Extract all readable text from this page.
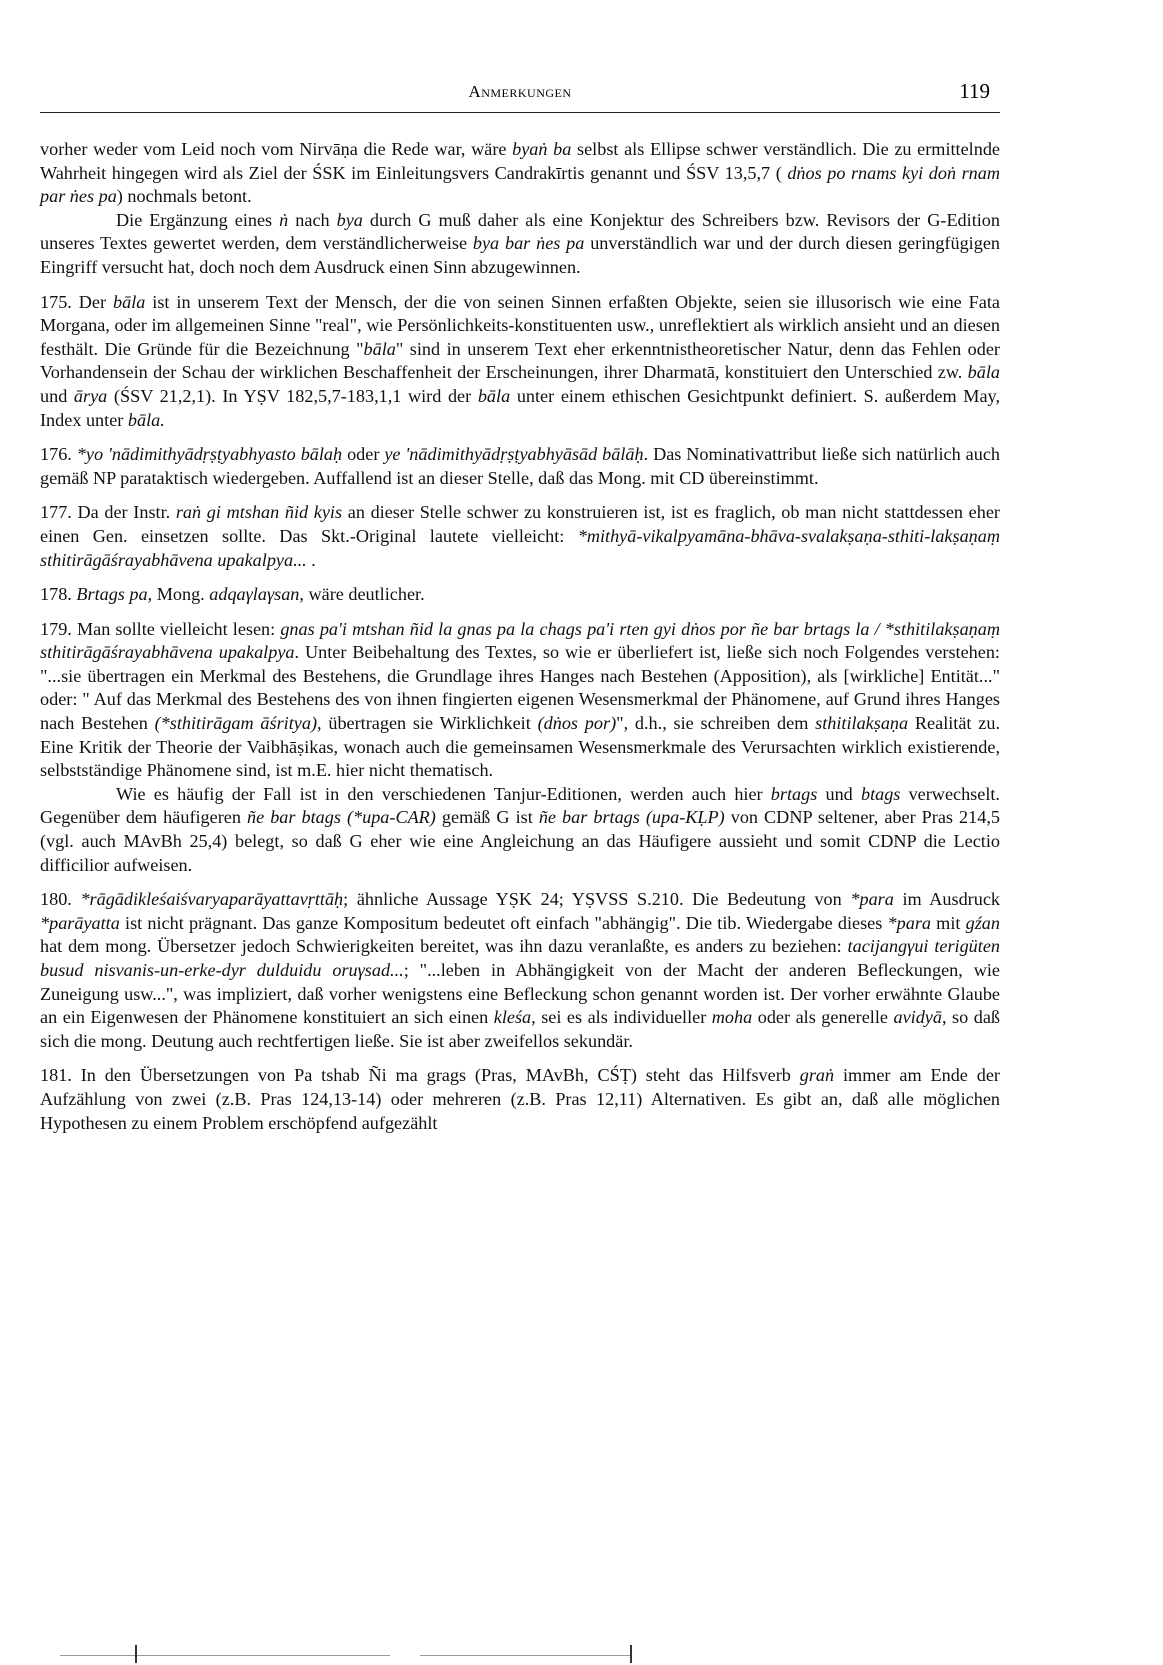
Anmerkungen	119

vorher weder vom Leid noch vom Nirvāṇa die Rede war, wäre byaṅ ba selbst als Ellipse schwer verständlich. Die zu ermittelnde Wahrheit hingegen wird als Ziel der ŚSK im Einleitungsvers Candrakīrtis genannt und ŚSV 13,5,7 ( dṅos po rnams kyi doṅ rnam par ṅes pa) nochmals betont.

Die Ergänzung eines ṅ nach bya durch G muß daher als eine Konjektur des Schreibers bzw. Revisors der G-Edition unseres Textes gewertet werden, dem verständlicherweise bya bar ṅes pa unverständlich war und der durch diesen geringfügigen Eingriff versucht hat, doch noch dem Ausdruck einen Sinn abzugewinnen.

175. Der bāla ist in unserem Text der Mensch, der die von seinen Sinnen erfaßten Objekte, seien sie illusorisch wie eine Fata Morgana, oder im allgemeinen Sinne "real", wie Persönlichkeits-konstituenten usw., unreflektiert als wirklich ansieht und an diesen festhält. Die Gründe für die Bezeichnung "bāla" sind in unserem Text eher erkenntnistheoretischer Natur, denn das Fehlen oder Vorhandensein der Schau der wirklichen Beschaffenheit der Erscheinungen, ihrer Dharmatā, konstituiert den Unterschied zw. bāla und ārya (ŚSV 21,2,1). In YṢV 182,5,7-183,1,1 wird der bāla unter einem ethischen Gesichtpunkt definiert. S. außerdem May, Index unter bāla.

176. *yo 'nādimithyādṛṣṭyabhyasto bālaḥ oder ye 'nādimithyādṛṣṭyabhyāsād bālāḥ. Das Nominativattribut ließe sich natürlich auch gemäß NP parataktisch wiedergeben. Auffallend ist an dieser Stelle, daß das Mong. mit CD übereinstimmt.

177. Da der Instr. raṅ gi mtshan ñid kyis an dieser Stelle schwer zu konstruieren ist, ist es fraglich, ob man nicht stattdessen eher einen Gen. einsetzen sollte. Das Skt.-Original lautete vielleicht: *mithyā-vikalpyamāna-bhāva-svalakṣaṇa-sthiti-lakṣaṇaṃ sthitirāgāśrayabhāvena upakalpya... .

178. Brtags pa, Mong. adqaγlaγsan, wäre deutlicher.

179. Man sollte vielleicht lesen: gnas pa'i mtshan ñid la gnas pa la chags pa'i rten gyi dṅos por ñe bar brtags la / *sthitilakṣaṇaṃ sthitirāgāśrayabhāvena upakalpya. Unter Beibehaltung des Textes, so wie er überliefert ist, ließe sich noch Folgendes verstehen: "...sie übertragen ein Merkmal des Bestehens, die Grundlage ihres Hanges nach Bestehen (Apposition), als [wirkliche] Entität..." oder: " Auf das Merkmal des Bestehens des von ihnen fingierten eigenen Wesensmerkmal der Phänomene, auf Grund ihres Hanges nach Bestehen (*sthitirāgam āśritya), übertragen sie Wirklichkeit (dṅos por)", d.h., sie schreiben dem sthitilakṣaṇa Realität zu. Eine Kritik der Theorie der Vaibhāṣikas, wonach auch die gemeinsamen Wesensmerkmale des Verursachten wirklich existierende, selbstständige Phänomene sind, ist m.E. hier nicht thematisch.

Wie es häufig der Fall ist in den verschiedenen Tanjur-Editionen, werden auch hier brtags und btags verwechselt. Gegenüber dem häufigeren ñe bar btags (*upa-CAR) gemäß G ist ñe bar brtags (upa-KḶP) von CDNP seltener, aber Pras 214,5 (vgl. auch MAvBh 25,4) belegt, so daß G eher wie eine Angleichung an das Häufigere aussieht und somit CDNP die Lectio difficilior aufweisen.

180. *rāgādikleśaiśvaryaparāyattavṛttāḥ; ähnliche Aussage YṢK 24; YṢVSS S.210. Die Bedeutung von *para im Ausdruck *parāyatta ist nicht prägnant. Das ganze Kompositum bedeutet oft einfach "abhängig". Die tib. Wiedergabe dieses *para mit gźan hat dem mong. Übersetzer jedoch Schwierigkeiten bereitet, was ihn dazu veranlaßte, es anders zu beziehen: tacijangγui terigüten busud nisvanis-un-erke-dyr dulduidu oruγsad...; "...leben in Abhängigkeit von der Macht der anderen Befleckungen, wie Zuneigung usw...", was impliziert, daß vorher wenigstens eine Befleckung schon genannt worden ist. Der vorher erwähnte Glaube an ein Eigenwesen der Phänomene konstituiert an sich einen kleśa, sei es als individueller moha oder als generelle avidyā, so daß sich die mong. Deutung auch rechtfertigen ließe. Sie ist aber zweifellos sekundär.

181. In den Übersetzungen von Pa tshab Ñi ma grags (Pras, MAvBh, CŚṬ) steht das Hilfsverb graṅ immer am Ende der Aufzählung von zwei (z.B. Pras 124,13-14) oder mehreren (z.B. Pras 12,11) Alternativen. Es gibt an, daß alle möglichen Hypothesen zu einem Problem erschöpfend aufgezählt
